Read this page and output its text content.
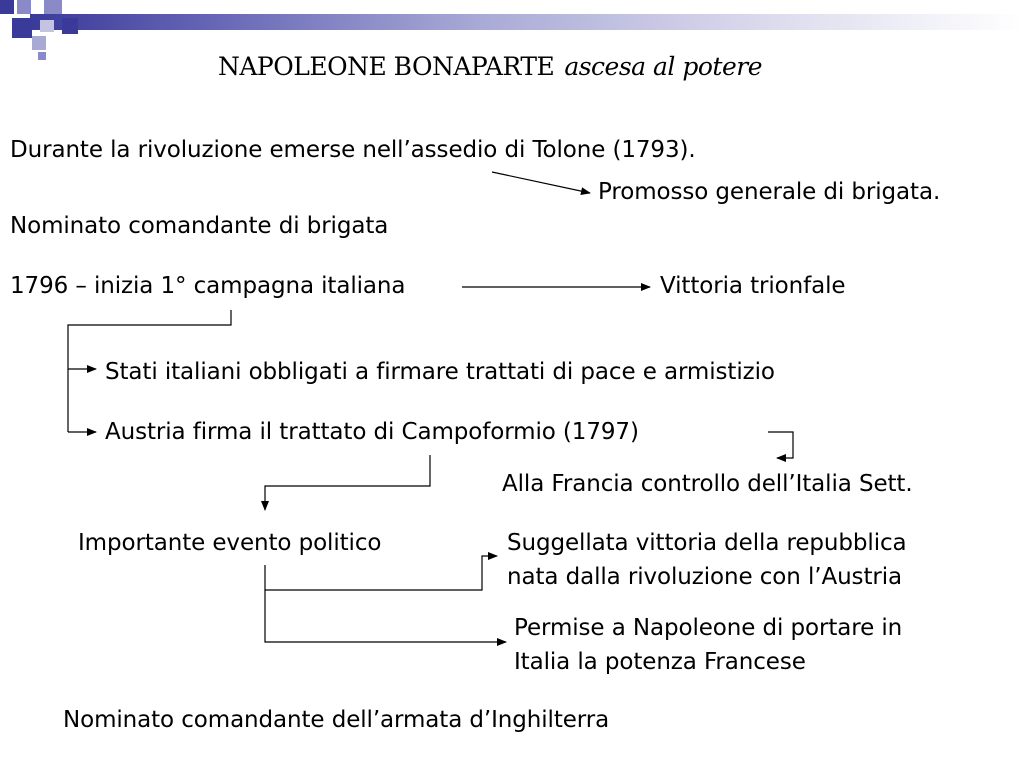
NAPOLEONE BONAPARTE ascesa al potere
Durante la rivoluzione emerse nell’assedio di Tolone (1793).
Promosso generale di brigata.
Nominato comandante di brigata
1796 – inizia 1° campagna italiana	Vittoria trionfale
Stati italiani obbligati a firmare trattati di pace e armistizio
Austria firma il trattato di Campoformio (1797)
Alla Francia controllo dell’Italia Sett.
Importante evento politico	Suggellata vittoria della repubblica
nata dalla rivoluzione con l’Austria
Permise a Napoleone di portare in
Italia la potenza Francese
Nominato comandante dell’armata d’Inghilterra
